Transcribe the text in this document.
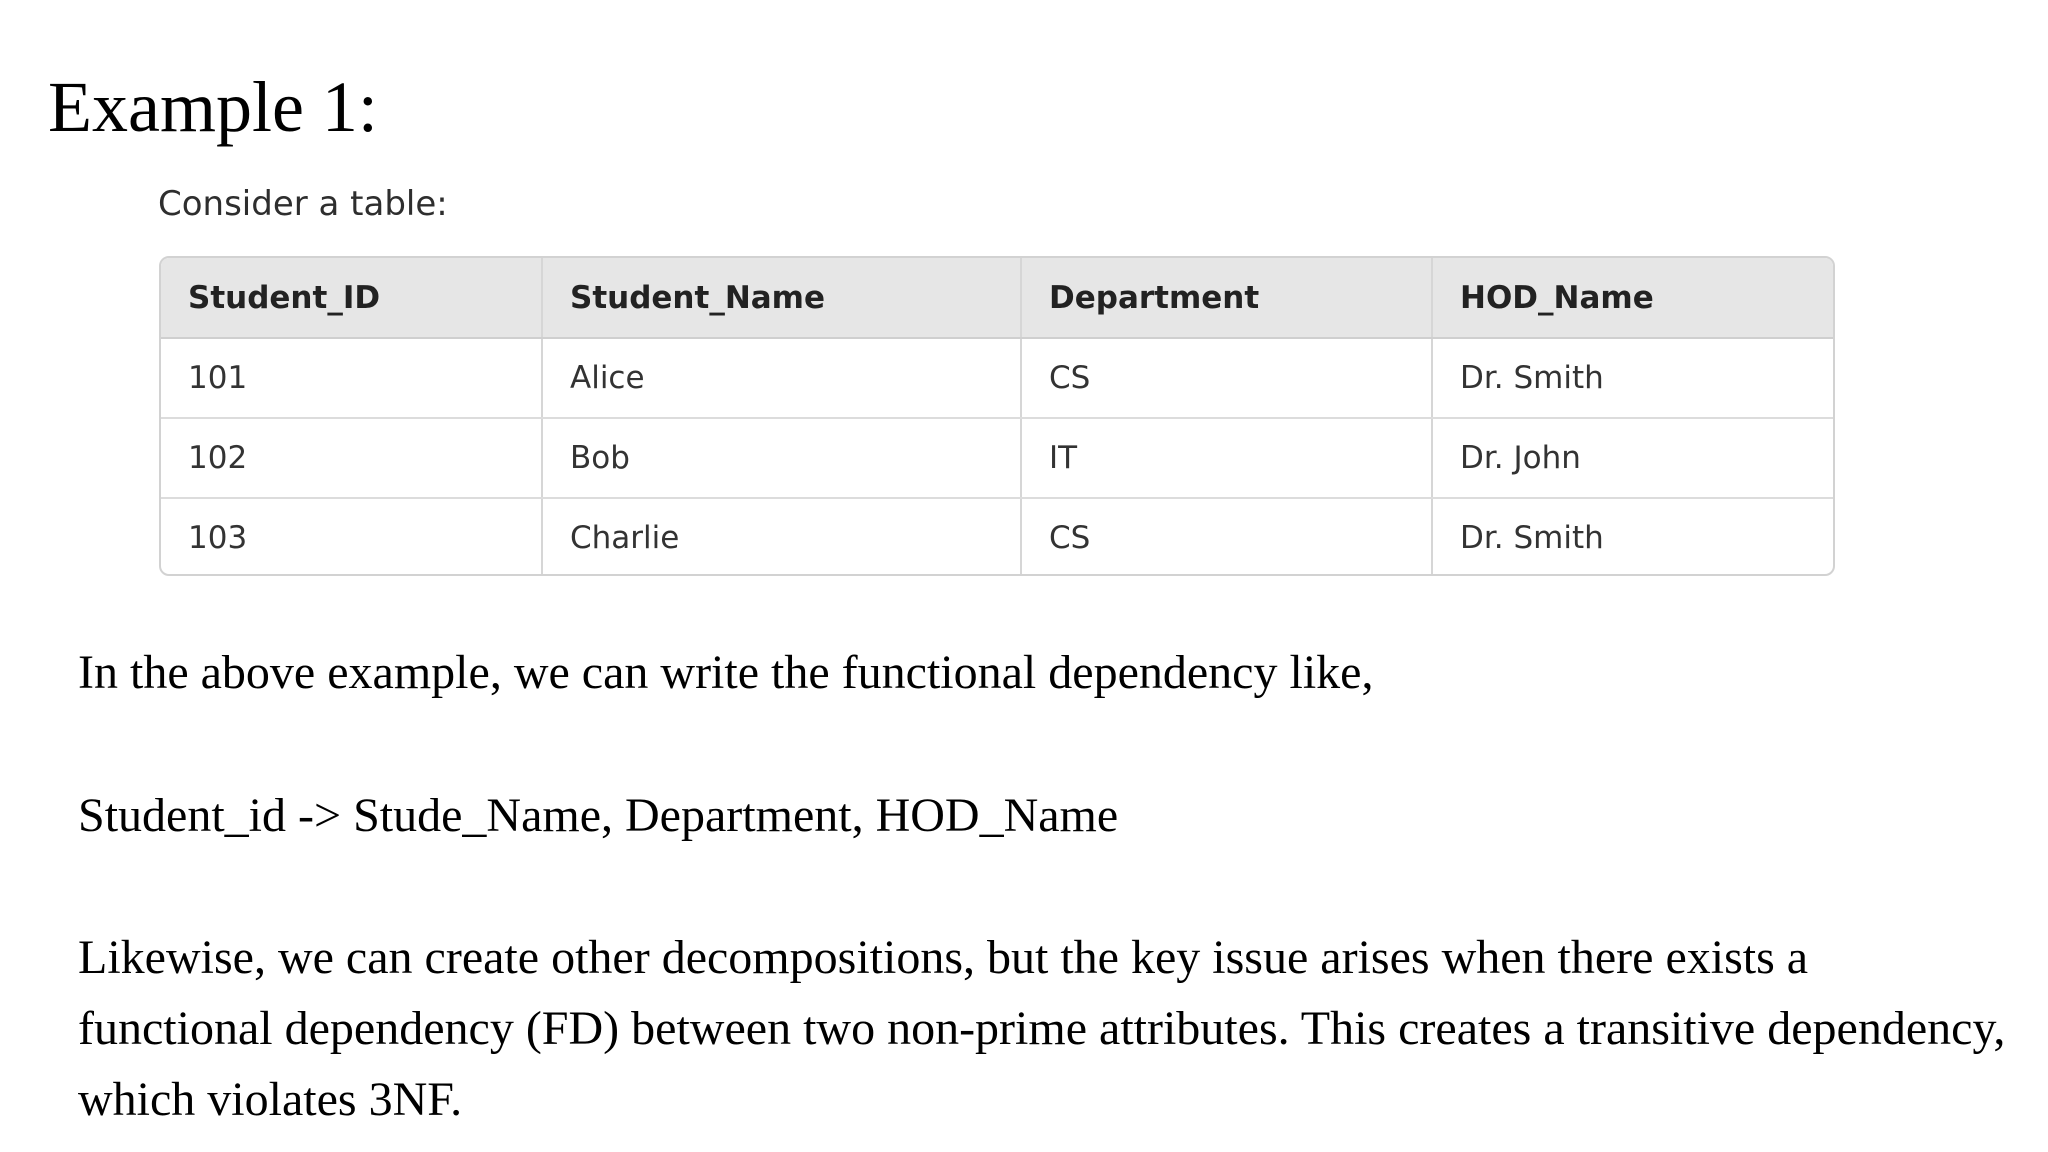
Example 1:

Consider a table:

Student_ID	Student_Name	Department	HOD_Name
101	Alice	CS	Dr. Smith
102	Bob	IT	Dr. John
103	Charlie	CS	Dr. Smith

In the above example, we can write the functional dependency like,

Student_id -> Stude_Name, Department, HOD_Name

Likewise, we can create other decompositions, but the key issue arises when there exists a functional dependency (FD) between two non-prime attributes. This creates a transitive dependency, which violates 3NF.
